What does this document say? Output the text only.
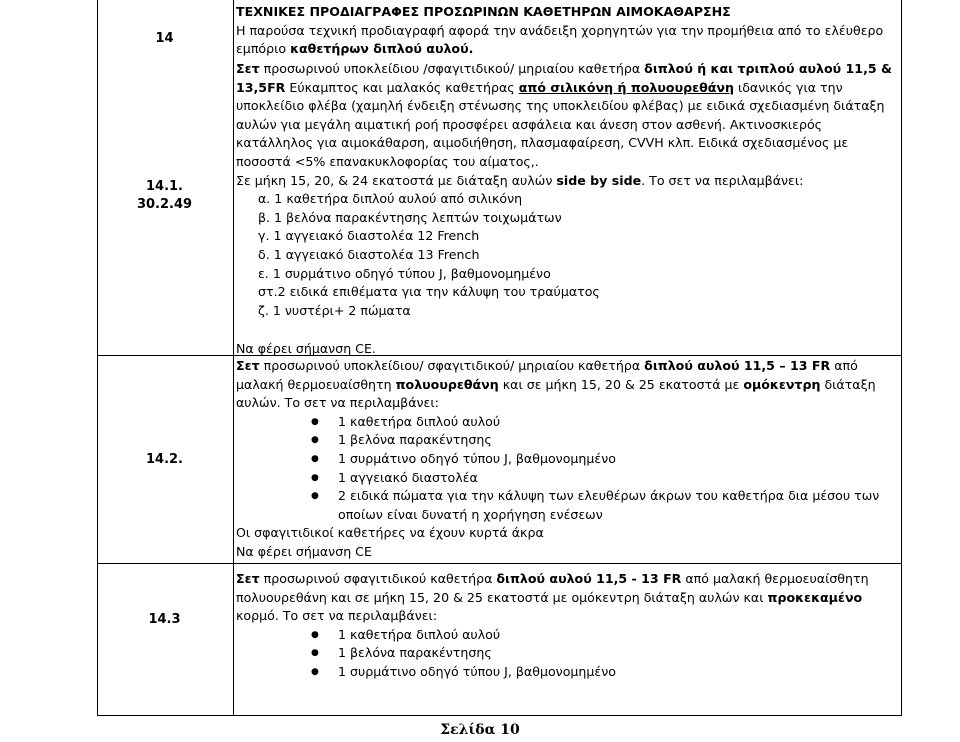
14

ΤΕΧΝΙΚΕΣ ΠΡΟΔΙΑΓΡΑΦΕΣ ΠΡΟΣΩΡΙΝΩΝ ΚΑΘΕΤΗΡΩΝ ΑΙΜΟΚΑΘΑΡΣΗΣ

Η παρούσα τεχνική προδιαγραφή αφορά την ανάδειξη χορηγητών για την προμήθεια από το ελέυθερο εμπόριο καθετήρων διπλού αυλού.

14.1.
30.2.49

Σετ προσωρινού υποκλείδιου /σφαγιτιδικού/ μηριαίου καθετήρα διπλού ή και τριπλού αυλού 11,5 & 13,5FR Εύκαμπτος και μαλακός καθετήρας από σιλικόνη ή πολυουρεθάνη ιδανικός για την υποκλείδιο φλέβα (χαμηλή ένδειξη στένωσης της υποκλειδίου φλέβας) με ειδικά σχεδιασμένη διάταξη αυλών για μεγάλη αιματική ροή προσφέρει ασφάλεια και άνεση στον ασθενή. Ακτινοσκιερός κατάλληλος για αιμοκάθαρση, αιμοδιήθηση, πλασμαφαίρεση, CVVH κλπ. Ειδικά σχεδιασμένος με ποσοστά <5% επανακυκλοφορίας του αίματος,.

Σε μήκη 15, 20, & 24 εκατοστά με διάταξη αυλών side by side. Το σετ να περιλαμβάνει:

α. 1 καθετήρα διπλού αυλού από σιλικόνη
β. 1 βελόνα παρακέντησης λεπτών τοιχωμάτων
γ. 1 αγγειακό διαστολέα 12 French
δ. 1 αγγειακό διαστολέα 13 French
ε. 1 συρμάτινο οδηγό τύπου J, βαθμονομημένο
στ.2 ειδικά επιθέματα για την κάλυψη του τραύματος
ζ. 1 νυστέρι+ 2 πώματα

Να φέρει σήμανση CE.

14.2.

Σετ προσωρινού υποκλείδιου/ σφαγιτιδικού/ μηριαίου καθετήρα διπλού αυλού 11,5 – 13 FR από μαλακή θερμοευαίσθητη πολυουρεθάνη και σε μήκη 15, 20 & 25 εκατοστά με ομόκεντρη διάταξη αυλών. Το σετ να περιλαμβάνει:

● 1 καθετήρα διπλού αυλού
● 1 βελόνα παρακέντησης
● 1 συρμάτινο οδηγό τύπου J, βαθμονομημένο
● 1 αγγειακό διαστολέα
● 2 ειδικά πώματα για την κάλυψη των ελευθέρων άκρων του καθετήρα δια μέσου των οποίων είναι δυνατή η χορήγηση ενέσεων

Οι σφαγιτιδικοί καθετήρες να έχουν κυρτά άκρα

Να φέρει σήμανση CE

14.3

Σετ προσωρινού σφαγιτιδικού καθετήρα διπλού αυλού 11,5 - 13 FR από μαλακή θερμοευαίσθητη πολυουρεθάνη και σε μήκη 15, 20 & 25 εκατοστά με ομόκεντρη διάταξη αυλών και προκεκαμένο κορμό. Το σετ να περιλαμβάνει:

● 1 καθετήρα διπλού αυλού
● 1 βελόνα παρακέντησης
● 1 συρμάτινο οδηγό τύπου J, βαθμονομημένο
Σελίδα 10
